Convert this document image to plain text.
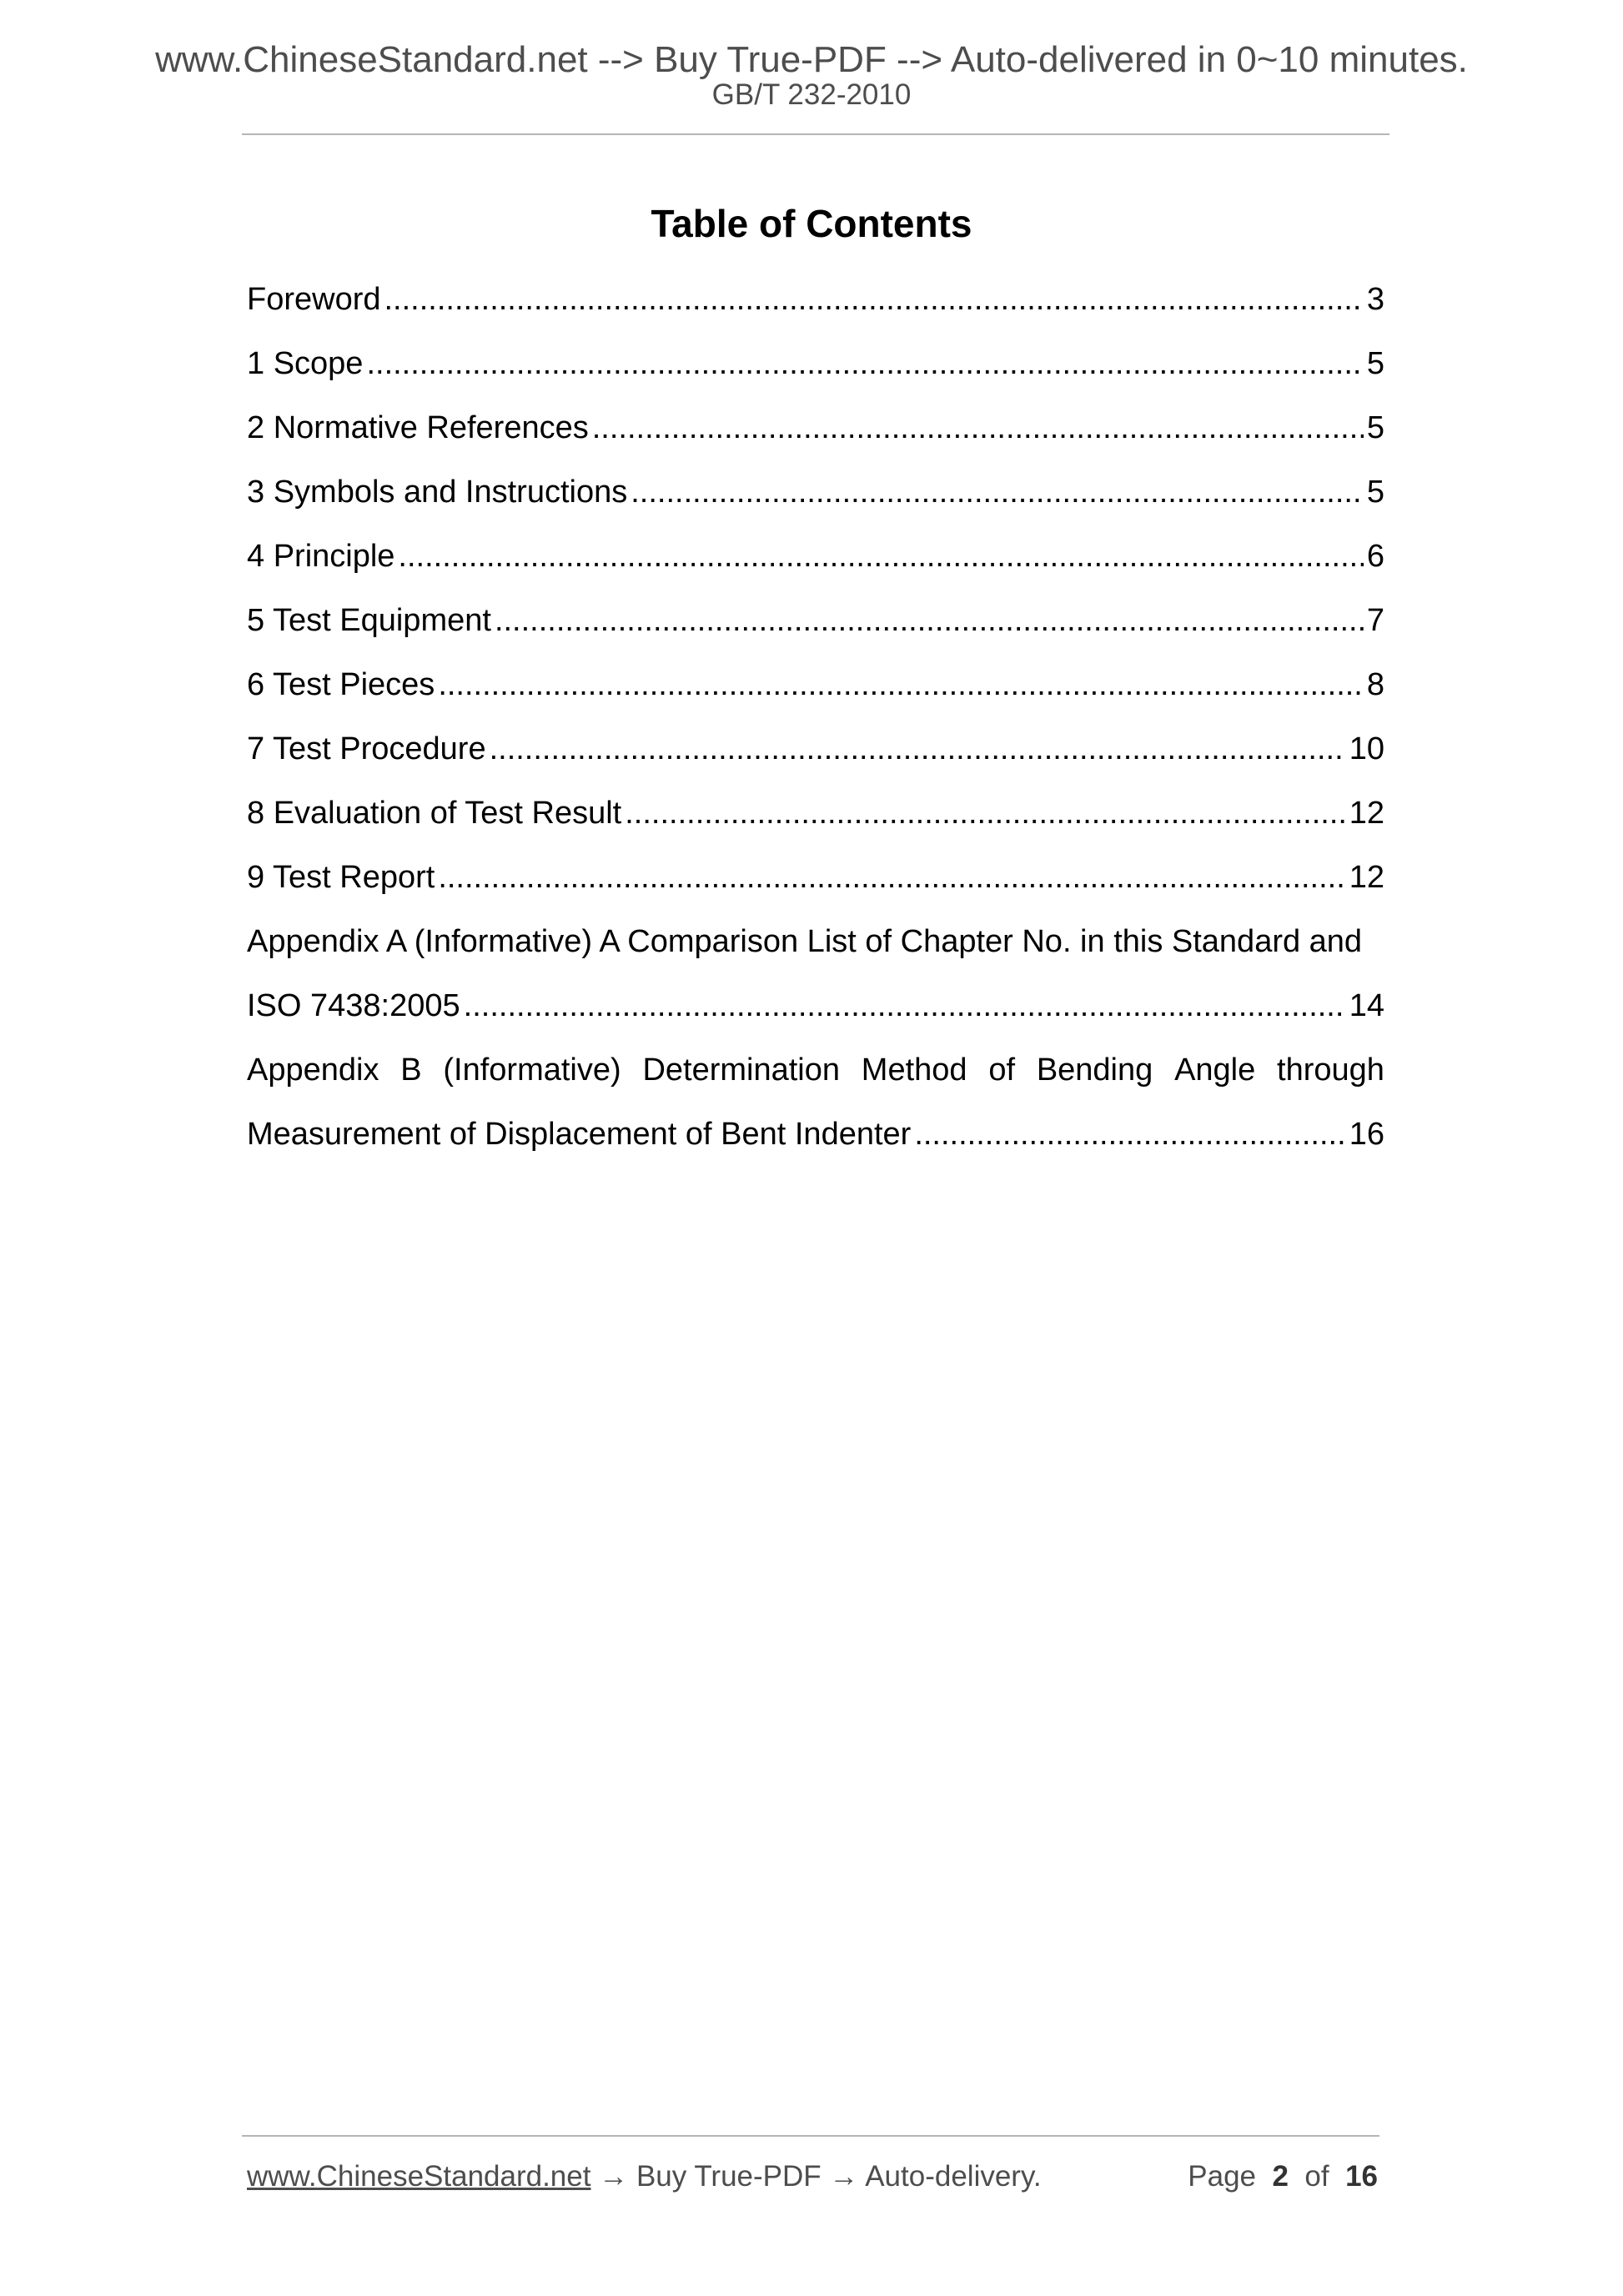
www.ChineseStandard.net --> Buy True-PDF --> Auto-delivered in 0~10 minutes.
GB/T 232-2010
Table of Contents
Foreword .....	3
1 Scope .....	5
2 Normative References .....	5
3 Symbols and Instructions .....	5
4 Principle .....	6
5 Test Equipment .....	7
6 Test Pieces .....	8
7 Test Procedure .....	10
8 Evaluation of Test Result .....	12
9 Test Report .....	12
Appendix A (Informative) A Comparison List of Chapter No. in this Standard and
ISO 7438:2005 .....	14
Appendix B (Informative) Determination Method of Bending Angle through
Measurement of Displacement of Bent Indenter .....	16
www.ChineseStandard.net → Buy True-PDF → Auto-delivery.	Page 2 of 16
